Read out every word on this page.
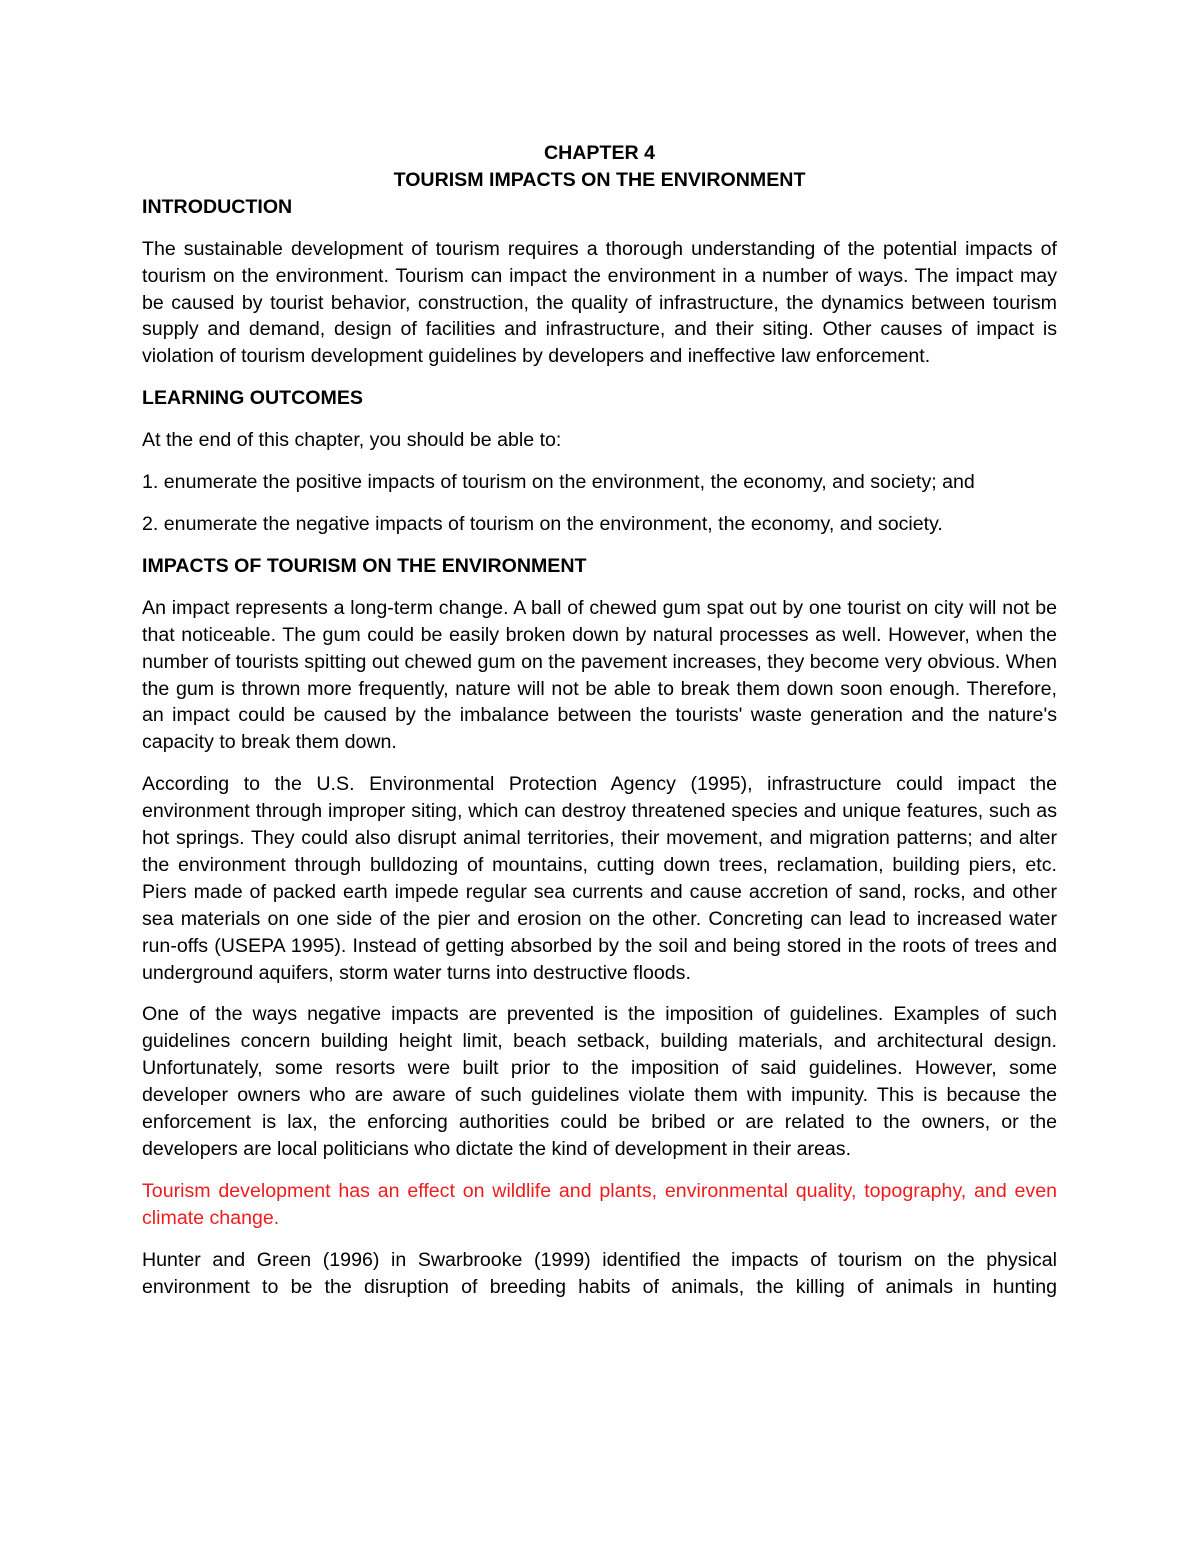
CHAPTER 4
TOURISM IMPACTS ON THE ENVIRONMENT
INTRODUCTION

The sustainable development of tourism requires a thorough understanding of the potential impacts of tourism on the environment. Tourism can impact the environment in a number of ways. The impact may be caused by tourist behavior, construction, the quality of infrastructure, the dynamics between tourism supply and demand, design of facilities and infrastructure, and their siting. Other causes of impact is violation of tourism development guidelines by developers and ineffective law enforcement.

LEARNING OUTCOMES

At the end of this chapter, you should be able to:

1. enumerate the positive impacts of tourism on the environment, the economy, and society; and

2. enumerate the negative impacts of tourism on the environment, the economy, and society.

IMPACTS OF TOURISM ON THE ENVIRONMENT

An impact represents a long-term change. A ball of chewed gum spat out by one tourist on city will not be that noticeable. The gum could be easily broken down by natural processes as well. However, when the number of tourists spitting out chewed gum on the pavement increases, they become very obvious. When the gum is thrown more frequently, nature will not be able to break them down soon enough. Therefore, an impact could be caused by the imbalance between the tourists' waste generation and the nature's capacity to break them down.

According to the U.S. Environmental Protection Agency (1995), infrastructure could impact the environment through improper siting, which can destroy threatened species and unique features, such as hot springs. They could also disrupt animal territories, their movement, and migration patterns; and alter the environment through bulldozing of mountains, cutting down trees, reclamation, building piers, etc. Piers made of packed earth impede regular sea currents and cause accretion of sand, rocks, and other sea materials on one side of the pier and erosion on the other. Concreting can lead to increased water run-offs (USEPA 1995). Instead of getting absorbed by the soil and being stored in the roots of trees and underground aquifers, storm water turns into destructive floods.

One of the ways negative impacts are prevented is the imposition of guidelines. Examples of such guidelines concern building height limit, beach setback, building materials, and architectural design. Unfortunately, some resorts were built prior to the imposition of said guidelines. However, some developer owners who are aware of such guidelines violate them with impunity. This is because the enforcement is lax, the enforcing authorities could be bribed or are related to the owners, or the developers are local politicians who dictate the kind of development in their areas.

Tourism development has an effect on wildlife and plants, environmental quality, topography, and even climate change.

Hunter and Green (1996) in Swarbrooke (1999) identified the impacts of tourism on the physical environment to be the disruption of breeding habits of animals, the killing of animals in hunting
